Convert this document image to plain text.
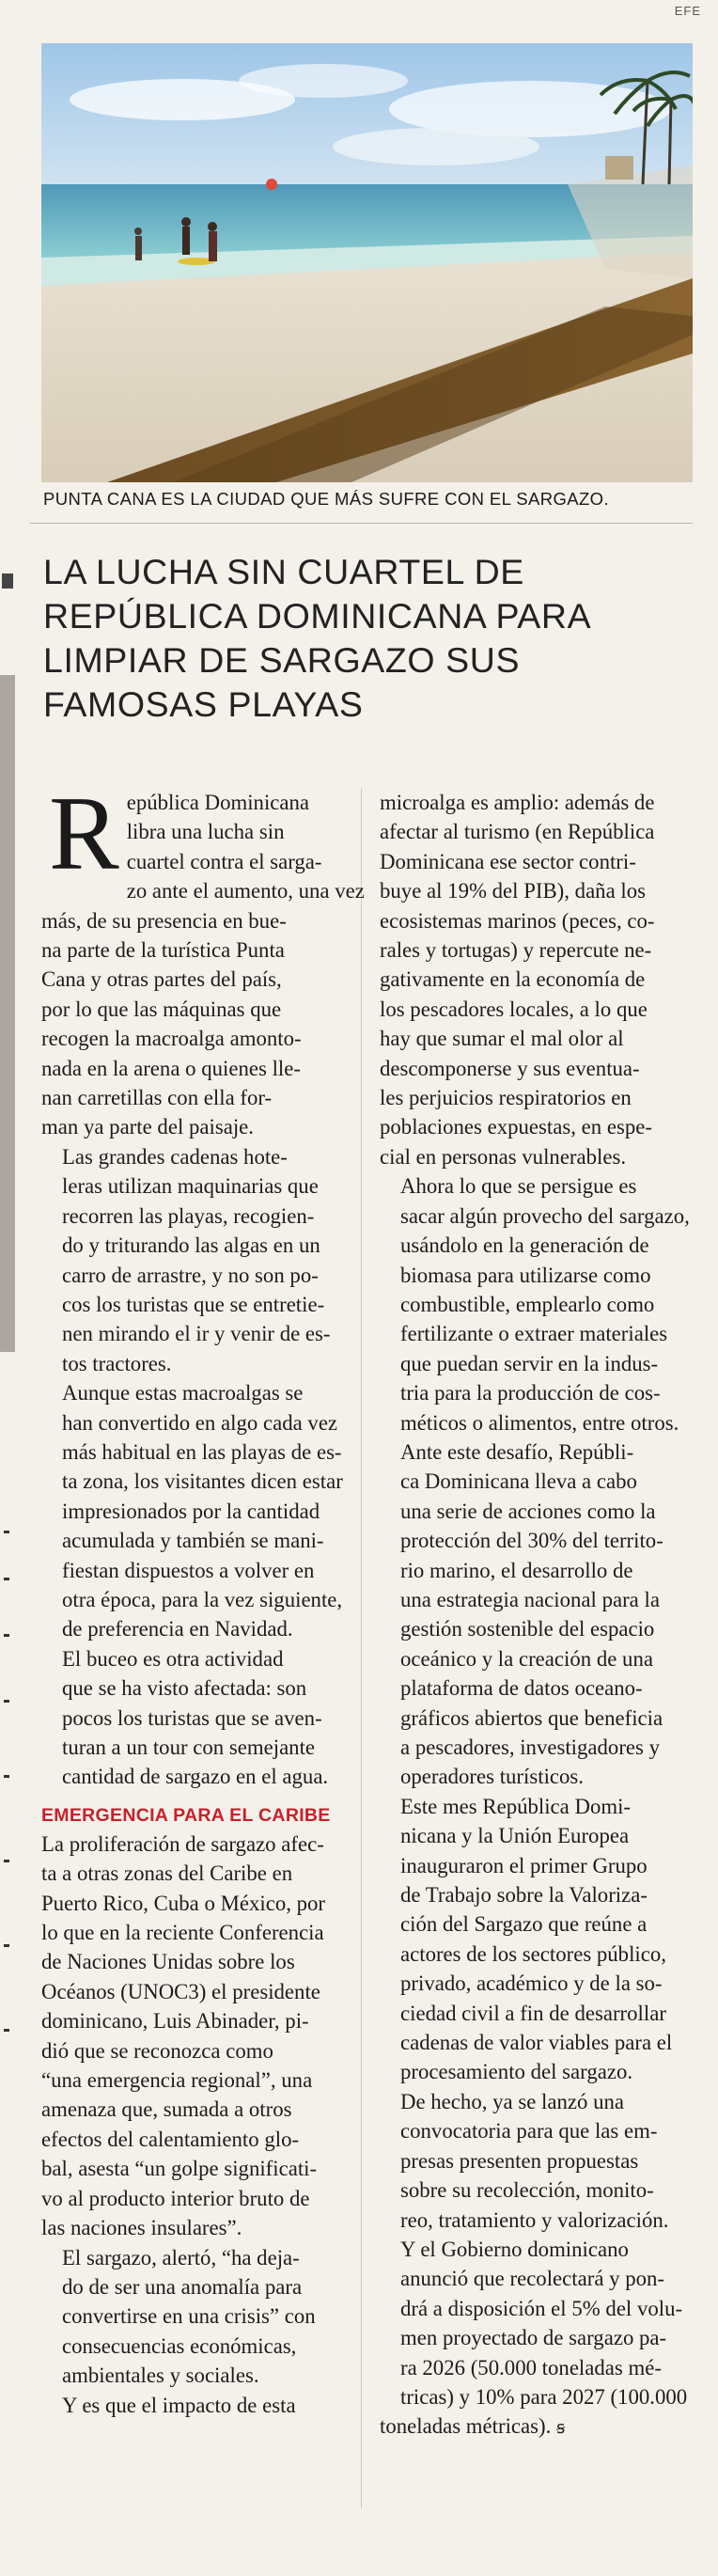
EFE
PUNTA CANA ES LA CIUDAD QUE MÁS SUFRE CON EL SARGAZO.
LA LUCHA SIN CUARTEL DE
REPÚBLICA DOMINICANA PARA
LIMPIAR DE SARGAZO SUS
FAMOSAS PLAYAS

R epública Dominicana
libra una lucha sin
cuartel contra el sarga-
zo ante el aumento, una vez
más, de su presencia en bue-
na parte de la turística Punta
Cana y otras partes del país,
por lo que las máquinas que
recogen la macroalga amonto-
nada en la arena o quienes lle-
nan carretillas con ella for-
man ya parte del paisaje.

Las grandes cadenas hote-
leras utilizan maquinarias que
recorren las playas, recogien-
do y triturando las algas en un
carro de arrastre, y no son po-
cos los turistas que se entretie-
nen mirando el ir y venir de es-
tos tractores.

Aunque estas macroalgas se
han convertido en algo cada vez
más habitual en las playas de es-
ta zona, los visitantes dicen estar
impresionados por la cantidad
acumulada y también se mani-
fiestan dispuestos a volver en
otra época, para la vez siguiente,
de preferencia en Navidad.

El buceo es otra actividad
que se ha visto afectada: son
pocos los turistas que se aven-
turan a un tour con semejante
cantidad de sargazo en el agua.

EMERGENCIA PARA EL CARIBE

La proliferación de sargazo afec-
ta a otras zonas del Caribe en
Puerto Rico, Cuba o México, por
lo que en la reciente Conferencia
de Naciones Unidas sobre los
Océanos (UNOC3) el presidente
dominicano, Luis Abinader, pi-
dió que se reconozca como
“una emergencia regional”, una
amenaza que, sumada a otros
efectos del calentamiento glo-
bal, asesta “un golpe significati-
vo al producto interior bruto de
las naciones insulares”.

El sargazo, alertó, “ha deja-
do de ser una anomalía para
convertirse en una crisis” con
consecuencias económicas,
ambientales y sociales.

Y es que el impacto de esta

microalga es amplio: además de
afectar al turismo (en República
Dominicana ese sector contri-
buye al 19% del PIB), daña los
ecosistemas marinos (peces, co-
rales y tortugas) y repercute ne-
gativamente en la economía de
los pescadores locales, a lo que
hay que sumar el mal olor al
descomponerse y sus eventua-
les perjuicios respiratorios en
poblaciones expuestas, en espe-
cial en personas vulnerables.

Ahora lo que se persigue es
sacar algún provecho del sargazo,
usándolo en la generación de
biomasa para utilizarse como
combustible, emplearlo como
fertilizante o extraer materiales
que puedan servir en la indus-
tria para la producción de cos-
méticos o alimentos, entre otros.

Ante este desafío, Repúbli-
ca Dominicana lleva a cabo
una serie de acciones como la
protección del 30% del territo-
rio marino, el desarrollo de
una estrategia nacional para la
gestión sostenible del espacio
oceánico y la creación de una
plataforma de datos oceano-
gráficos abiertos que beneficia
a pescadores, investigadores y
operadores turísticos.

Este mes República Domi-
nicana y la Unión Europea
inauguraron el primer Grupo
de Trabajo sobre la Valoriza-
ción del Sargazo que reúne a
actores de los sectores público,
privado, académico y de la so-
ciedad civil a fin de desarrollar
cadenas de valor viables para el
procesamiento del sargazo.

De hecho, ya se lanzó una
convocatoria para que las em-
presas presenten propuestas
sobre su recolección, monito-
reo, tratamiento y valorización.

Y el Gobierno dominicano
anunció que recolectará y pon-
drá a disposición el 5% del volu-
men proyectado de sargazo pa-
ra 2026 (50.000 toneladas mé-
tricas) y 10% para 2027 (100.000
toneladas métricas). ꞩ
